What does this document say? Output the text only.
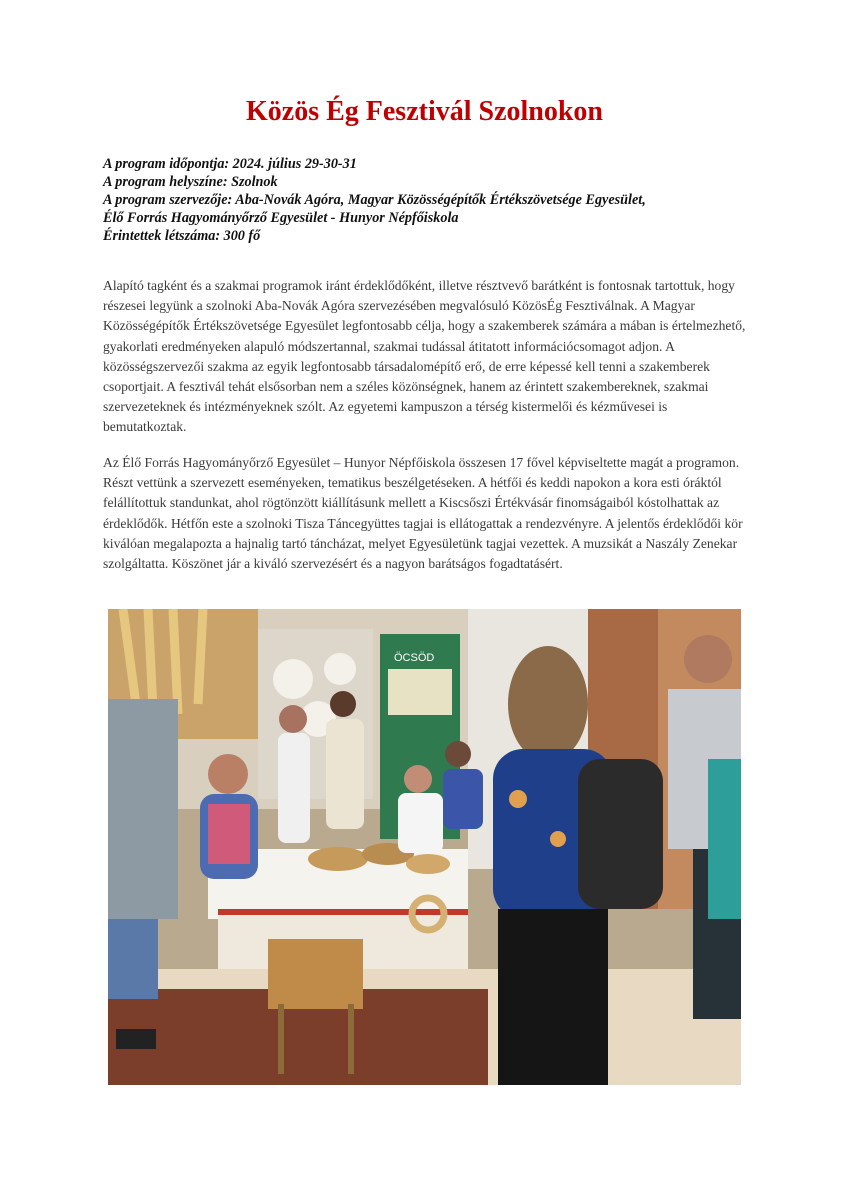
Közös Ég Fesztivál Szolnokon
A program időpontja: 2024. július 29-30-31
A program helyszíne: Szolnok
A program szervezője: Aba-Novák Agóra, Magyar Közösségépítők Értékszövetsége Egyesület,
Élő Forrás Hagyományőrző Egyesület - Hunyor Népfőiskola
Érintettek létszáma: 300 fő

Alapító tagként és a szakmai programok iránt érdeklődőként, illetve résztvevő barátként is fontosnak tartottuk, hogy részesei legyünk a szolnoki Aba-Novák Agóra szervezésében megvalósuló KözösÉg Fesztiválnak. A Magyar Közösségépítők Értékszövetsége Egyesület legfontosabb célja, hogy a szakemberek számára a mában is értelmezhető, gyakorlati eredményeken alapuló módszertannal, szakmai tudással átitatott információcsomagot adjon. A közösségszervezői szakma az egyik legfontosabb társadalomépítő erő, de erre képessé kell tenni a szakemberek csoportjait. A fesztivál tehát elsősorban nem a széles közönségnek, hanem az érintett szakembereknek, szakmai szervezeteknek és intézményeknek szólt. Az egyetemi kampuszon a térség kistermelői és kézművesei is bemutatkoztak.

Az Élő Forrás Hagyományőrző Egyesület – Hunyor Népfőiskola összesen 17 fővel képviseltette magát a programon. Részt vettünk a szervezett eseményeken, tematikus beszélgetéseken. A hétfői és keddi napokon a kora esti óráktól felállítottuk standunkat, ahol rögtönzött kiállításunk mellett a Kiscsőszi Értékvásár finomságaiból kóstolhattak az érdeklődők. Hétfőn este a szolnoki Tisza Táncegyüttes tagjai is ellátogattak a rendezvényre. A jelentős érdeklődői kör kiválóan megalapozta a hajnalig tartó táncházat, melyet Egyesületünk tagjai vezettek. A muzsikát a Naszály Zenekar szolgáltatta. Köszönet jár a kiváló szervezésért és a nagyon barátságos fogadtatásért.

ÖCSÖD
